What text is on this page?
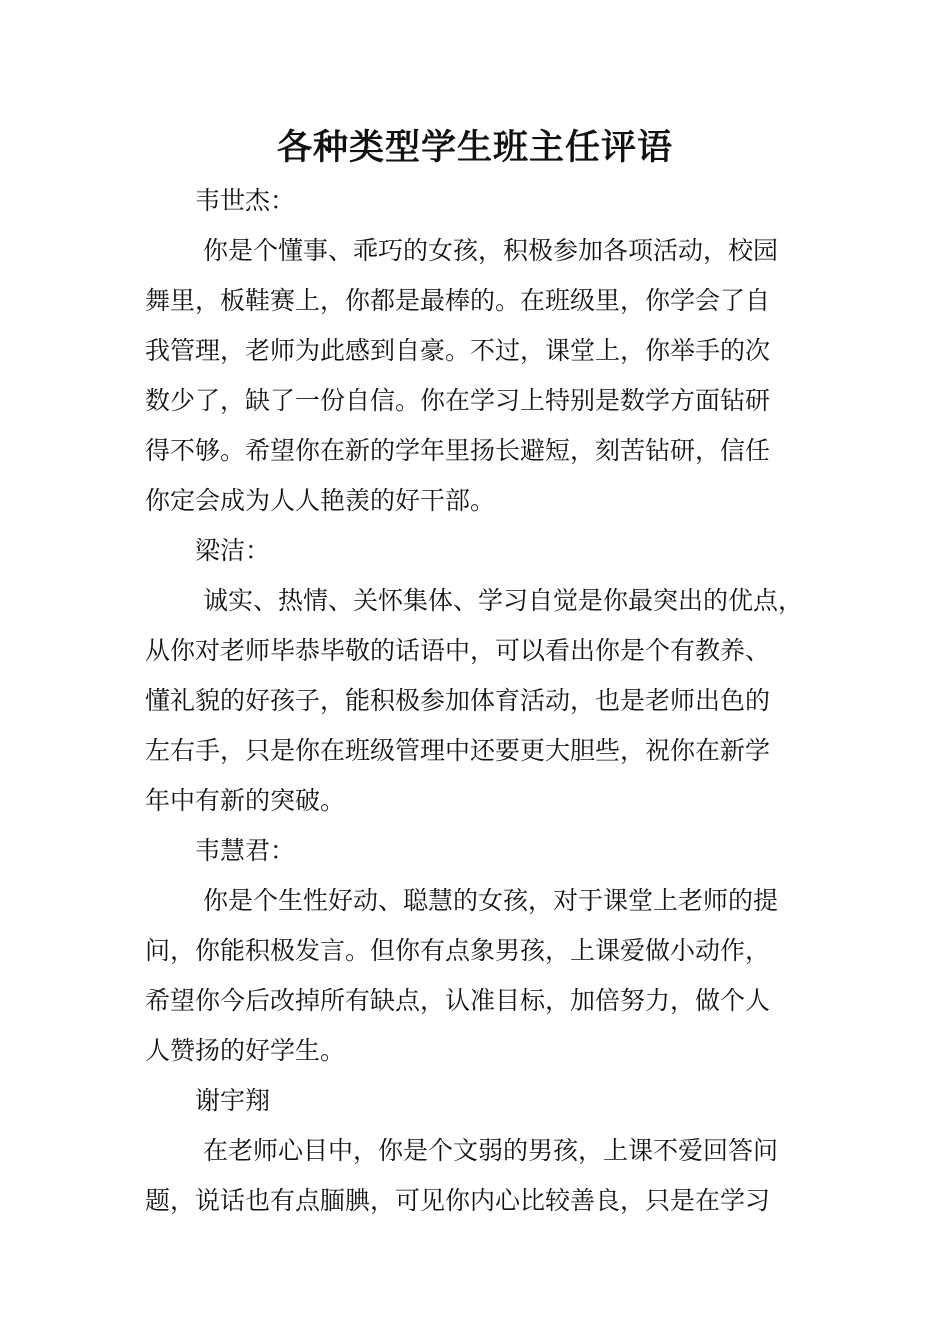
各种类型学生班主任评语

韦世杰：

你是个懂事、乖巧的女孩，积极参加各项活动，校园
舞里，板鞋赛上，你都是最棒的。在班级里，你学会了自
我管理，老师为此感到自豪。不过，课堂上，你举手的次
数少了，缺了一份自信。你在学习上特别是数学方面钻研
得不够。希望你在新的学年里扬长避短，刻苦钻研，信任
你定会成为人人艳羡的好干部。

梁洁：

诚实、热情、关怀集体、学习自觉是你最突出的优点，
从你对老师毕恭毕敬的话语中，可以看出你是个有教养、
懂礼貌的好孩子，能积极参加体育活动，也是老师出色的
左右手，只是你在班级管理中还要更大胆些，祝你在新学
年中有新的突破。

韦慧君：

你是个生性好动、聪慧的女孩，对于课堂上老师的提
问，你能积极发言。但你有点象男孩，上课爱做小动作，
希望你今后改掉所有缺点，认准目标，加倍努力，做个人
人赞扬的好学生。

谢宇翔

在老师心目中，你是个文弱的男孩，上课不爱回答问
题，说话也有点腼腆，可见你内心比较善良，只是在学习
